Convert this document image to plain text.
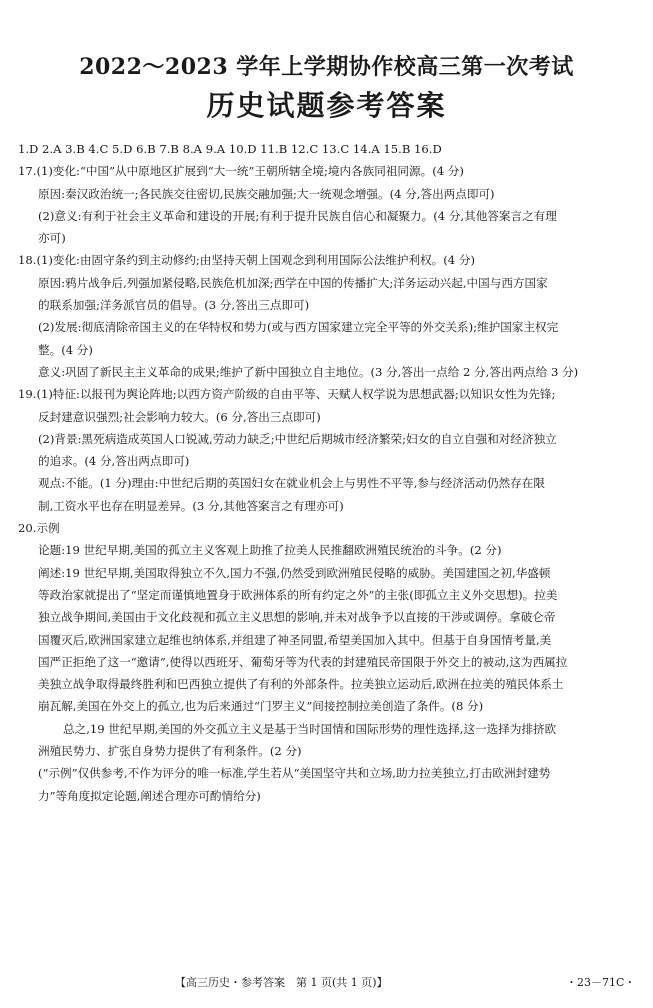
2022～2023 学年上学期协作校高三第一次考试
历史试题参考答案
1.D 2.A 3.B 4.C 5.D 6.B 7.B 8.A 9.A 10.D 11.B 12.C 13.C 14.A 15.B 16.D
17.(1)变化:“中国”从中原地区扩展到“大一统”王朝所辖全境;境内各族同祖同源。(4 分)
原因:秦汉政治统一;各民族交往密切,民族交融加强;大一统观念增强。(4 分,答出两点即可)
(2)意义:有利于社会主义革命和建设的开展;有利于提升民族自信心和凝聚力。(4 分,其他答案言之有理
亦可)
18.(1)变化:由固守条约到主动修约;由坚持天朝上国观念到利用国际公法维护利权。(4 分)
原因:鸦片战争后,列强加紧侵略,民族危机加深;西学在中国的传播扩大;洋务运动兴起,中国与西方国家
的联系加强;洋务派官员的倡导。(3 分,答出三点即可)
(2)发展:彻底清除帝国主义的在华特权和势力(或与西方国家建立完全平等的外交关系);维护国家主权完
整。(4 分)
意义:巩固了新民主主义革命的成果;维护了新中国独立自主地位。(3 分,答出一点给 2 分,答出两点给 3 分)
19.(1)特征:以报刊为舆论阵地;以西方资产阶级的自由平等、天赋人权学说为思想武器;以知识女性为先锋;
反封建意识强烈;社会影响力较大。(6 分,答出三点即可)
(2)背景:黑死病造成英国人口锐减,劳动力缺乏;中世纪后期城市经济繁荣;妇女的自立自强和对经济独立
的追求。(4 分,答出两点即可)
观点:不能。(1 分)理由:中世纪后期的英国妇女在就业机会上与男性不平等,参与经济活动仍然存在限
制,工资水平也存在明显差异。(3 分,其他答案言之有理亦可)
20.示例
论题:19 世纪早期,美国的孤立主义客观上助推了拉美人民推翻欧洲殖民统治的斗争。(2 分)
阐述:19 世纪早期,美国取得独立不久,国力不强,仍然受到欧洲殖民侵略的威胁。美国建国之初,华盛顿
等政治家就提出了“坚定而谨慎地置身于欧洲体系的所有约定之外”的主张(即孤立主义外交思想)。拉美
独立战争期间,美国由于文化歧视和孤立主义思想的影响,并未对战争予以直接的干涉或调停。拿破仑帝
国覆灭后,欧洲国家建立起维也纳体系,并组建了神圣同盟,希望美国加入其中。但基于自身国情考量,美
国严正拒绝了这一“邀请”,使得以西班牙、葡萄牙等为代表的封建殖民帝国限于外交上的被动,这为西属拉
美独立战争取得最终胜利和巴西独立提供了有利的外部条件。拉美独立运动后,欧洲在拉美的殖民体系土
崩瓦解,美国在外交上的孤立,也为后来通过“门罗主义”间接控制拉美创造了条件。(8 分)
总之,19 世纪早期,美国的外交孤立主义是基于当时国情和国际形势的理性选择,这一选择为排挤欧
洲殖民势力、扩张自身势力提供了有利条件。(2 分)
(“示例”仅供参考,不作为评分的唯一标准,学生若从“美国坚守共和立场,助力拉美独立,打击欧洲封建势
力”等角度拟定论题,阐述合理亦可酌情给分)
【高三历史・参考答案　第 1 页(共 1 页)】	・23－71C・
